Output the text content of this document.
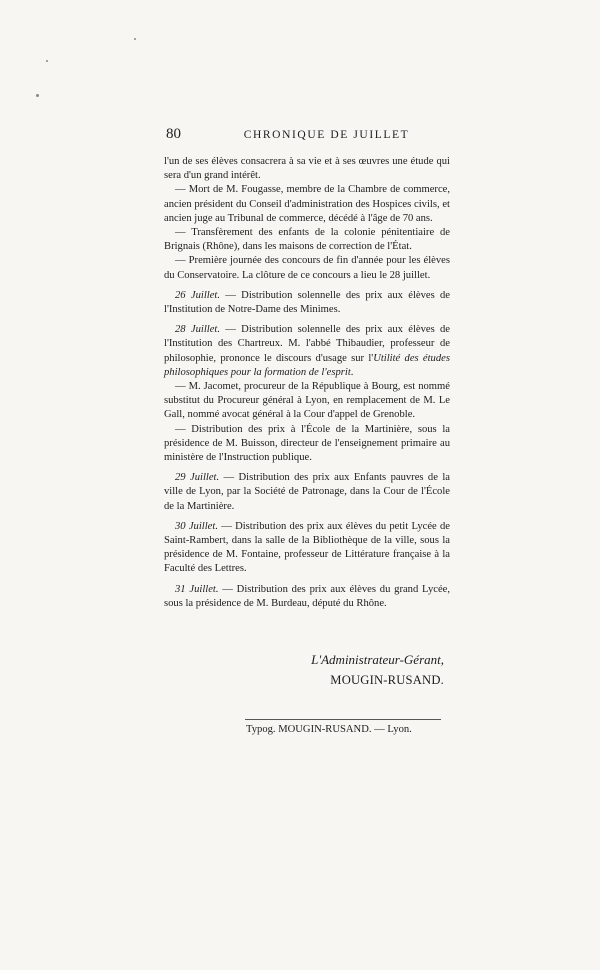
80	CHRONIQUE DE JUILLET

l'un de ses élèves consacrera à sa vie et à ses œuvres une étude qui sera d'un grand intérêt.

— Mort de M. Fougasse, membre de la Chambre de commerce, ancien président du Conseil d'administration des Hospices civils, et ancien juge au Tribunal de commerce, décédé à l'âge de 70 ans.

— Transfèrement des enfants de la colonie pénitentiaire de Brignais (Rhône), dans les maisons de correction de l'État.

— Première journée des concours de fin d'année pour les élèves du Conservatoire. La clôture de ce concours a lieu le 28 juillet.

26 Juillet. — Distribution solennelle des prix aux élèves de l'Institution de Notre-Dame des Minimes.

28 Juillet. — Distribution solennelle des prix aux élèves de l'Institution des Chartreux. M. l'abbé Thibaudier, professeur de philosophie, prononce le discours d'usage sur l'Utilité des études philosophiques pour la formation de l'esprit.

— M. Jacomet, procureur de la République à Bourg, est nommé substitut du Procureur général à Lyon, en remplacement de M. Le Gall, nommé avocat général à la Cour d'appel de Grenoble.

— Distribution des prix à l'École de la Martinière, sous la présidence de M. Buisson, directeur de l'enseignement primaire au ministère de l'Instruction publique.

29 Juillet. — Distribution des prix aux Enfants pauvres de la ville de Lyon, par la Société de Patronage, dans la Cour de l'École de la Martinière.

30 Juillet. — Distribution des prix aux élèves du petit Lycée de Saint-Rambert, dans la salle de la Bibliothèque de la ville, sous la présidence de M. Fontaine, professeur de Littérature française à la Faculté des Lettres.

31 Juillet. — Distribution des prix aux élèves du grand Lycée, sous la présidence de M. Burdeau, député du Rhône.

L'Administrateur-Gérant,
MOUGIN-RUSAND.
Typog. MOUGIN-RUSAND. — Lyon.
